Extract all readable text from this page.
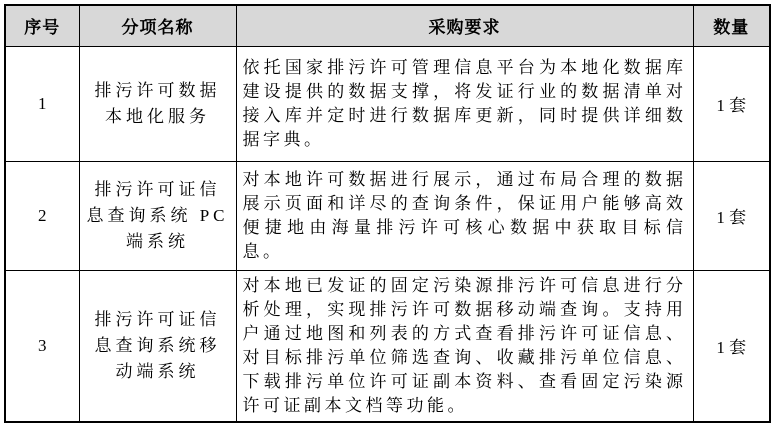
序号	分项名称	采购要求	数量
1	排污许可数据本地化服务	依托国家排污许可管理信息平台为本地化数据库建设提供的数据支撑，将发证行业的数据清单对接入库并定时进行数据库更新，同时提供详细数据字典。	1 套
2	排污许可证信息查询系统 PC 端系统	对本地许可数据进行展示，通过布局合理的数据展示页面和详尽的查询条件，保证用户能够高效便捷地由海量排污许可核心数据中获取目标信息。	1 套
3	排污许可证信息查询系统移动端系统	对本地已发证的固定污染源排污许可信息进行分析处理，实现排污许可数据移动端查询。支持用户通过地图和列表的方式查看排污许可证信息、对目标排污单位筛选查询、收藏排污单位信息、下载排污单位许可证副本资料、查看固定污染源许可证副本文档等功能。	1 套
